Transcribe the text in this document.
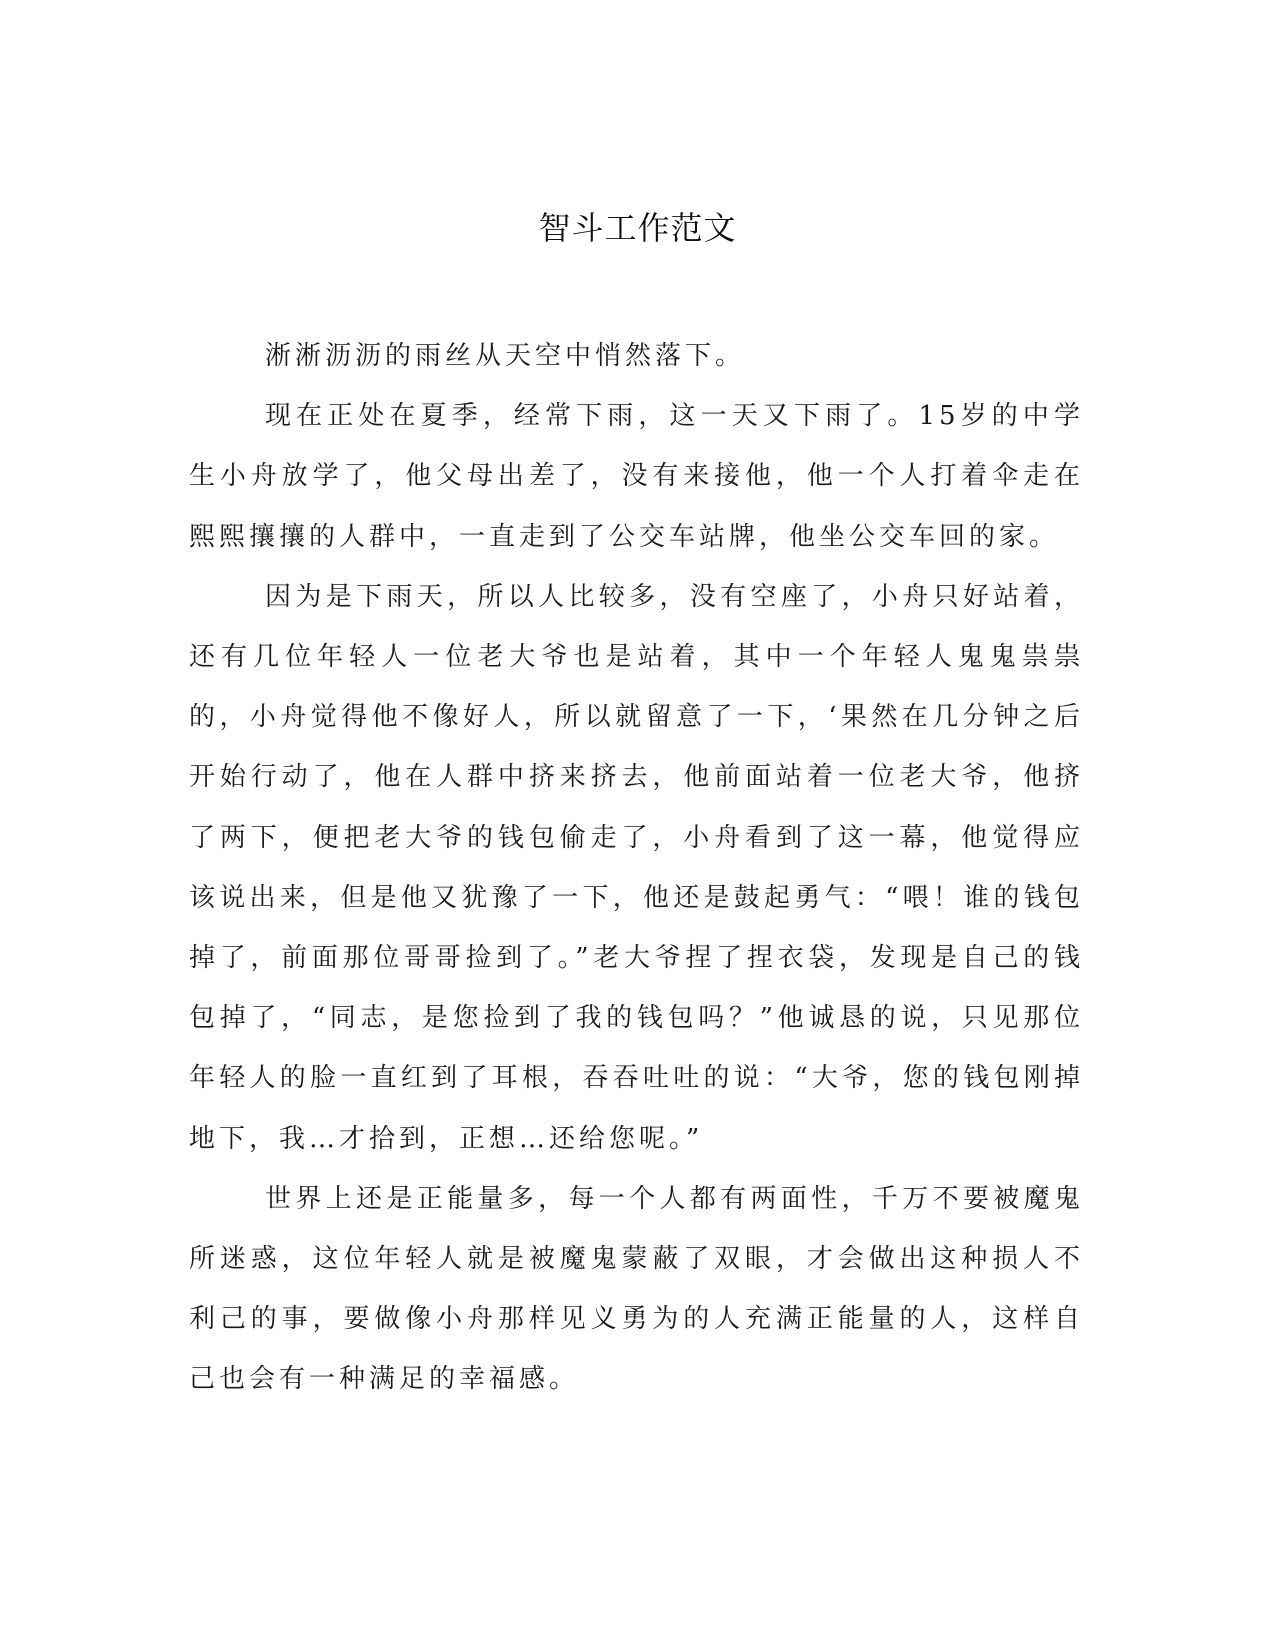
智斗工作范文

淅淅沥沥的雨丝从天空中悄然落下。

现在正处在夏季，经常下雨，这一天又下雨了。15岁的中学生小舟放学了，他父母出差了，没有来接他，他一个人打着伞走在熙熙攘攘的人群中，一直走到了公交车站牌，他坐公交车回的家。

因为是下雨天，所以人比较多，没有空座了，小舟只好站着，还有几位年轻人一位老大爷也是站着，其中一个年轻人鬼鬼祟祟的，小舟觉得他不像好人，所以就留意了一下，‘果然在几分钟之后开始行动了，他在人群中挤来挤去，他前面站着一位老大爷，他挤了两下，便把老大爷的钱包偷走了，小舟看到了这一幕，他觉得应该说出来，但是他又犹豫了一下，他还是鼓起勇气：“喂！谁的钱包掉了，前面那位哥哥捡到了。”老大爷捏了捏衣袋，发现是自己的钱包掉了，“同志，是您捡到了我的钱包吗？”他诚恳的说，只见那位年轻人的脸一直红到了耳根，吞吞吐吐的说：“大爷，您的钱包刚掉地下，我…才拾到，正想…还给您呢。”

世界上还是正能量多，每一个人都有两面性，千万不要被魔鬼所迷惑，这位年轻人就是被魔鬼蒙蔽了双眼，才会做出这种损人不利己的事，要做像小舟那样见义勇为的人充满正能量的人，这样自己也会有一种满足的幸福感。
